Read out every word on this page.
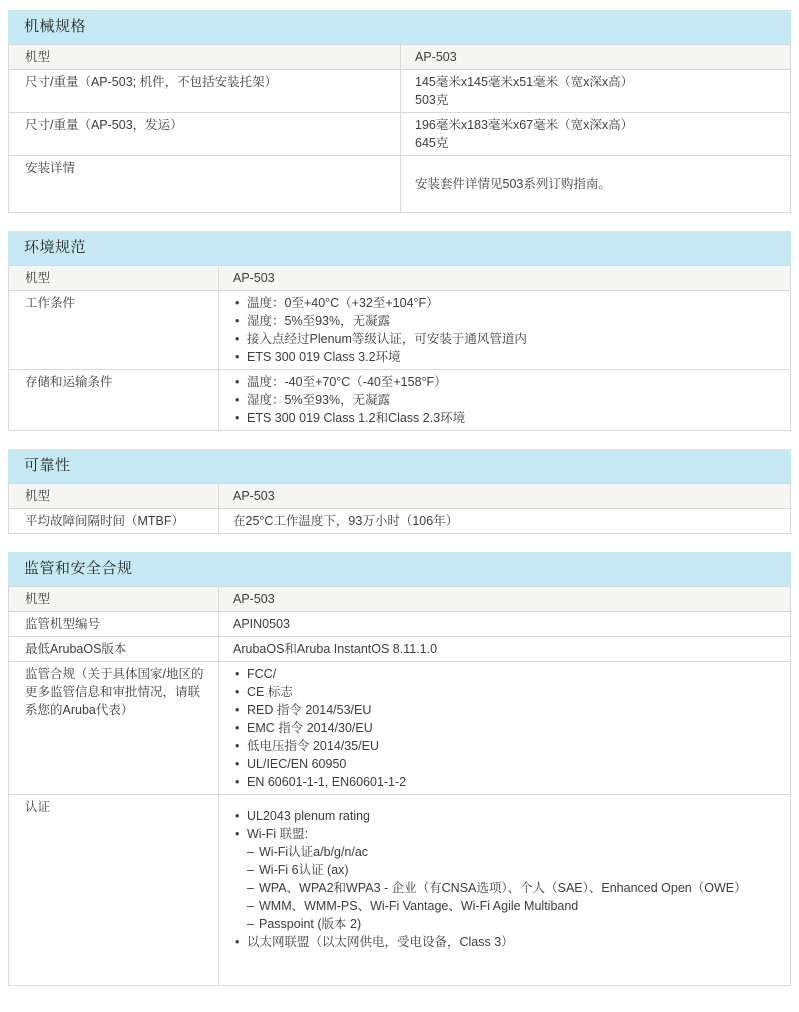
机械规格
机型	AP-503

尺寸/重量（AP-503; 机件，不包括安装托架）	145毫米x145毫米x51毫米（宽x深x高）
503克

尺寸/重量（AP-503，发运）	196毫米x183毫米x67毫米（宽x深x高）
645克

安装详情	安装套件详情见503系列订购指南。
环境规范
机型	AP-503

工作条件	• 温度：0至+40°C（+32至+104°F）
• 湿度：5%至93%，无凝露
• 接入点经过Plenum等级认证，可安装于通风管道内
• ETS 300 019 Class 3.2环境

存储和运输条件	• 温度：-40至+70°C（-40至+158°F）
• 湿度：5%至93%，无凝露
• ETS 300 019 Class 1.2和Class 2.3环境
可靠性
机型	AP-503

平均故障间隔时间（MTBF）	在25°C工作温度下，93万小时（106年）
监管和安全合规
机型	AP-503

监管机型编号	APIN0503

最低ArubaOS版本	ArubaOS和Aruba InstantOS 8.11.1.0

监管合规（关于具体国家/地区的更多监管信息和审批情况，请联系您的Aruba代表）	
• FCC/
• CE 标志
• RED 指令 2014/53/EU
• EMC 指令 2014/30/EU
• 低电压指令 2014/35/EU
• UL/IEC/EN 60950
• EN 60601-1-1, EN60601-1-2

认证	
• UL2043 plenum rating
• Wi-Fi 联盟:
– Wi-Fi认证a/b/g/n/ac
– Wi-Fi 6认证 (ax)
– WPA、WPA2和WPA3 - 企业（有CNSA选项）、个人（SAE）、Enhanced Open（OWE）
– WMM、WMM-PS、Wi-Fi Vantage、Wi-Fi Agile Multiband
– Passpoint (版本 2)
• 以太网联盟（以太网供电，受电设备，Class 3）
